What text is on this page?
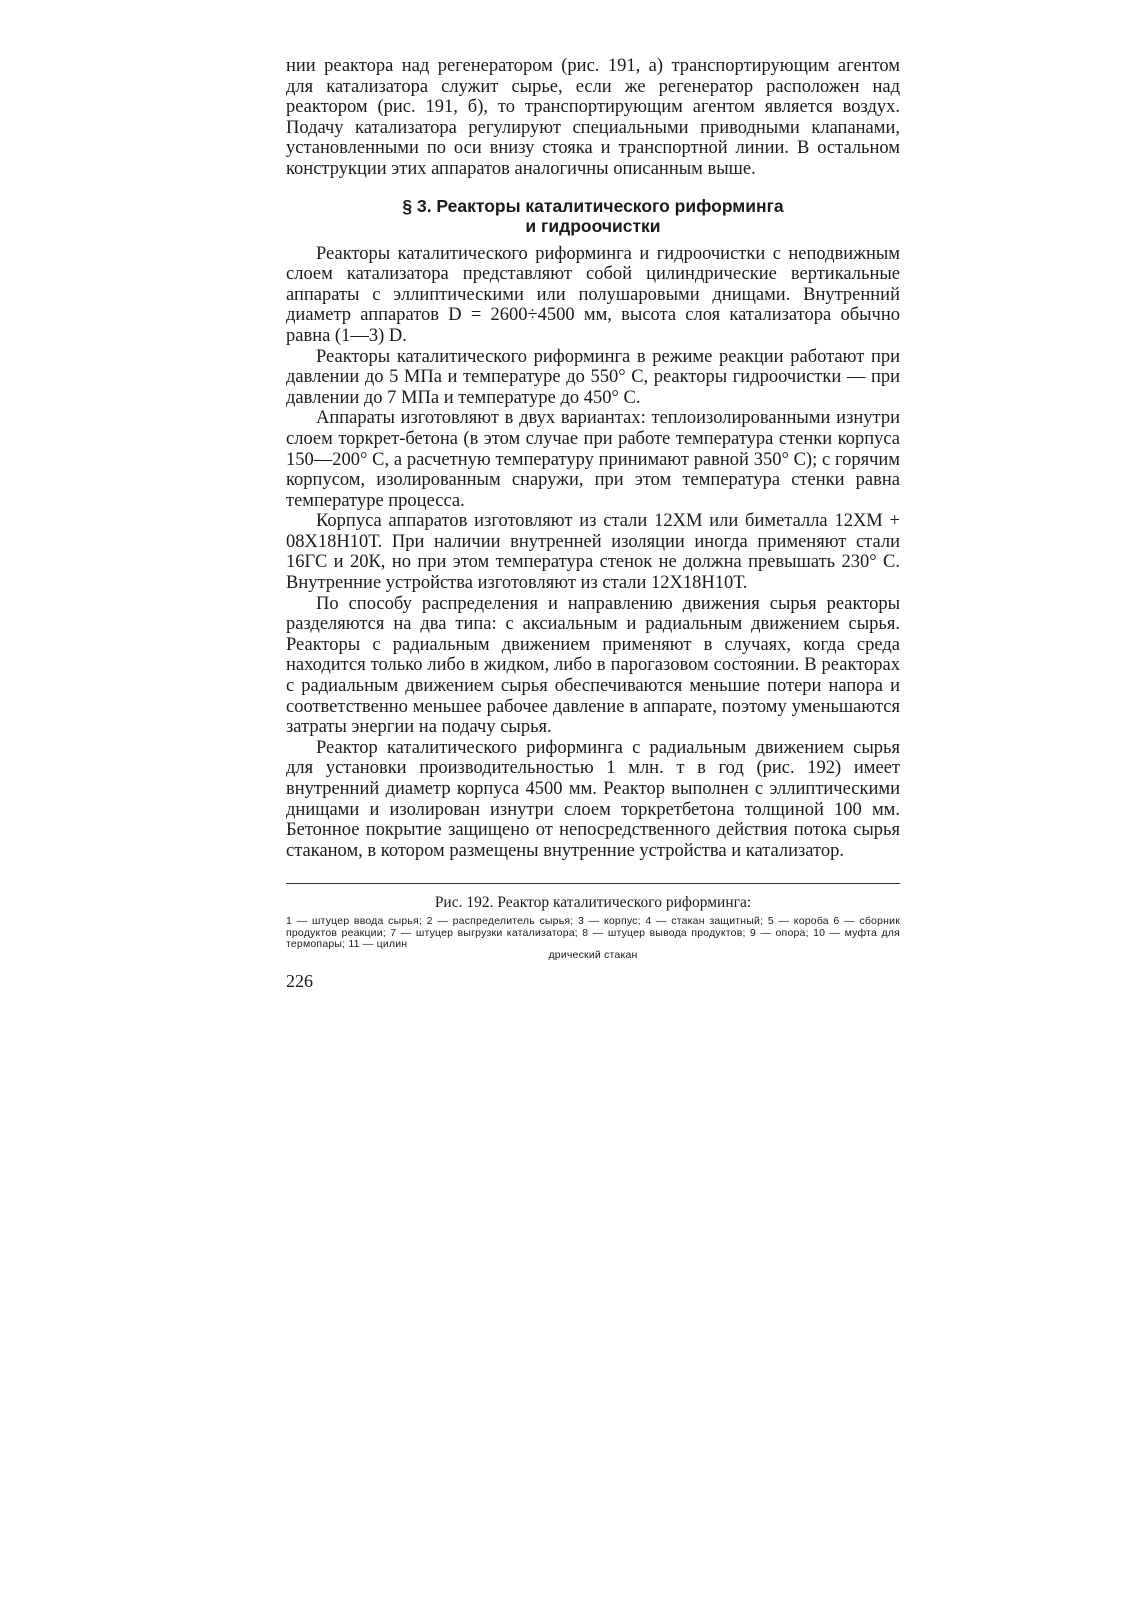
нии реактора над регенератором (рис. 191, а) транспортирующим агентом для катализатора служит сырье, если же регенератор расположен над реактором (рис. 191, б), то транспортирующим агентом является воздух. Подачу катализатора регулируют специальными приводными клапанами, установленными по оси внизу стояка и транспортной линии. В остальном конструкции этих аппаратов аналогичны описанным выше.

§ 3. Реакторы каталитического риформинга
и гидроочистки

Реакторы каталитического риформинга и гидроочистки с неподвижным слоем катализатора представляют собой цилиндрические вертикальные аппараты с эллиптическими или полушаровыми днищами. Внутренний диаметр аппаратов D = 2600÷4500 мм, высота слоя катализатора обычно равна (1—3) D.

Реакторы каталитического риформинга в режиме реакции работают при давлении до 5 МПа и температуре до 550° С, реакторы гидроочистки — при давлении до 7 МПа и температуре до 450° С.

Аппараты изготовляют в двух вариантах: теплоизолированными изнутри слоем торкрет-бетона (в этом случае при работе температура стенки корпуса 150—200° С, а расчетную температуру принимают равной 350° С); с горячим корпусом, изолированным снаружи, при этом температура стенки равна температуре процесса.

Корпуса аппаратов изготовляют из стали 12ХМ или биметалла 12ХМ + 08Х18Н10Т. При наличии внутренней изоляции иногда применяют стали 16ГС и 20К, но при этом температура стенок не должна превышать 230° С. Внутренние устройства изготовляют из стали 12Х18Н10Т.

По способу распределения и направлению движения сырья реакторы разделяются на два типа: с аксиальным и радиальным движением сырья. Реакторы с радиальным движением применяют в случаях, когда среда находится только либо в жидком, либо в парогазовом состоянии. В реакторах с радиальным движением сырья обеспечиваются меньшие потери напора и соответственно меньшее рабочее давление в аппарате, поэтому уменьшаются затраты энергии на подачу сырья.

Реактор каталитического риформинга с радиальным движением сырья для установки производительностью 1 млн. т в год (рис. 192) имеет внутренний диаметр корпуса 4500 мм. Реактор выполнен с эллиптическими днищами и изолирован изнутри слоем торкретбетона толщиной 100 мм. Бетонное покрытие защищено от непосредственного действия потока сырья стаканом, в котором размещены внутренние устройства и катализатор.

Рис. 192. Реактор каталитического риформинга:

1 — штуцер ввода сырья; 2 — распределитель сырья; 3 — корпус; 4 — стакан защитный; 5 — короба 6 — сборник продуктов реакции; 7 — штуцер выгрузки катализатора; 8 — штуцер вывода продуктов; 9 — опора; 10 — муфта для термопары; 11 — цилин
дрический стакан

226
